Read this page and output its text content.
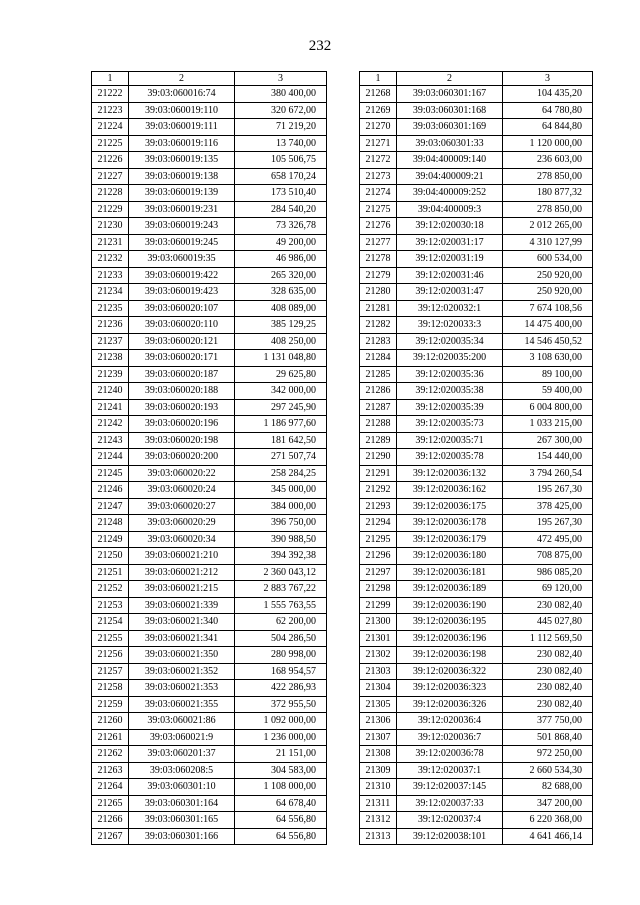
232
1	2	3
21222	39:03:060016:74	380 400,00
21223	39:03:060019:110	320 672,00
21224	39:03:060019:111	71 219,20
21225	39:03:060019:116	13 740,00
21226	39:03:060019:135	105 506,75
21227	39:03:060019:138	658 170,24
21228	39:03:060019:139	173 510,40
21229	39:03:060019:231	284 540,20
21230	39:03:060019:243	73 326,78
21231	39:03:060019:245	49 200,00
21232	39:03:060019:35	46 986,00
21233	39:03:060019:422	265 320,00
21234	39:03:060019:423	328 635,00
21235	39:03:060020:107	408 089,00
21236	39:03:060020:110	385 129,25
21237	39:03:060020:121	408 250,00
21238	39:03:060020:171	1 131 048,80
21239	39:03:060020:187	29 625,80
21240	39:03:060020:188	342 000,00
21241	39:03:060020:193	297 245,90
21242	39:03:060020:196	1 186 977,60
21243	39:03:060020:198	181 642,50
21244	39:03:060020:200	271 507,74
21245	39:03:060020:22	258 284,25
21246	39:03:060020:24	345 000,00
21247	39:03:060020:27	384 000,00
21248	39:03:060020:29	396 750,00
21249	39:03:060020:34	390 988,50
21250	39:03:060021:210	394 392,38
21251	39:03:060021:212	2 360 043,12
21252	39:03:060021:215	2 883 767,22
21253	39:03:060021:339	1 555 763,55
21254	39:03:060021:340	62 200,00
21255	39:03:060021:341	504 286,50
21256	39:03:060021:350	280 998,00
21257	39:03:060021:352	168 954,57
21258	39:03:060021:353	422 286,93
21259	39:03:060021:355	372 955,50
21260	39:03:060021:86	1 092 000,00
21261	39:03:060021:9	1 236 000,00
21262	39:03:060201:37	21 151,00
21263	39:03:060208:5	304 583,00
21264	39:03:060301:10	1 108 000,00
21265	39:03:060301:164	64 678,40
21266	39:03:060301:165	64 556,80
21267	39:03:060301:166	64 556,80
1	2	3
21268	39:03:060301:167	104 435,20
21269	39:03:060301:168	64 780,80
21270	39:03:060301:169	64 844,80
21271	39:03:060301:33	1 120 000,00
21272	39:04:400009:140	236 603,00
21273	39:04:400009:21	278 850,00
21274	39:04:400009:252	180 877,32
21275	39:04:400009:3	278 850,00
21276	39:12:020030:18	2 012 265,00
21277	39:12:020031:17	4 310 127,99
21278	39:12:020031:19	600 534,00
21279	39:12:020031:46	250 920,00
21280	39:12:020031:47	250 920,00
21281	39:12:020032:1	7 674 108,56
21282	39:12:020033:3	14 475 400,00
21283	39:12:020035:34	14 546 450,52
21284	39:12:020035:200	3 108 630,00
21285	39:12:020035:36	89 100,00
21286	39:12:020035:38	59 400,00
21287	39:12:020035:39	6 004 800,00
21288	39:12:020035:73	1 033 215,00
21289	39:12:020035:71	267 300,00
21290	39:12:020035:78	154 440,00
21291	39:12:020036:132	3 794 260,54
21292	39:12:020036:162	195 267,30
21293	39:12:020036:175	378 425,00
21294	39:12:020036:178	195 267,30
21295	39:12:020036:179	472 495,00
21296	39:12:020036:180	708 875,00
21297	39:12:020036:181	986 085,20
21298	39:12:020036:189	69 120,00
21299	39:12:020036:190	230 082,40
21300	39:12:020036:195	445 027,80
21301	39:12:020036:196	1 112 569,50
21302	39:12:020036:198	230 082,40
21303	39:12:020036:322	230 082,40
21304	39:12:020036:323	230 082,40
21305	39:12:020036:326	230 082,40
21306	39:12:020036:4	377 750,00
21307	39:12:020036:7	501 868,40
21308	39:12:020036:78	972 250,00
21309	39:12:020037:1	2 660 534,30
21310	39:12:020037:145	82 688,00
21311	39:12:020037:33	347 200,00
21312	39:12:020037:4	6 220 368,00
21313	39:12:020038:101	4 641 466,14
